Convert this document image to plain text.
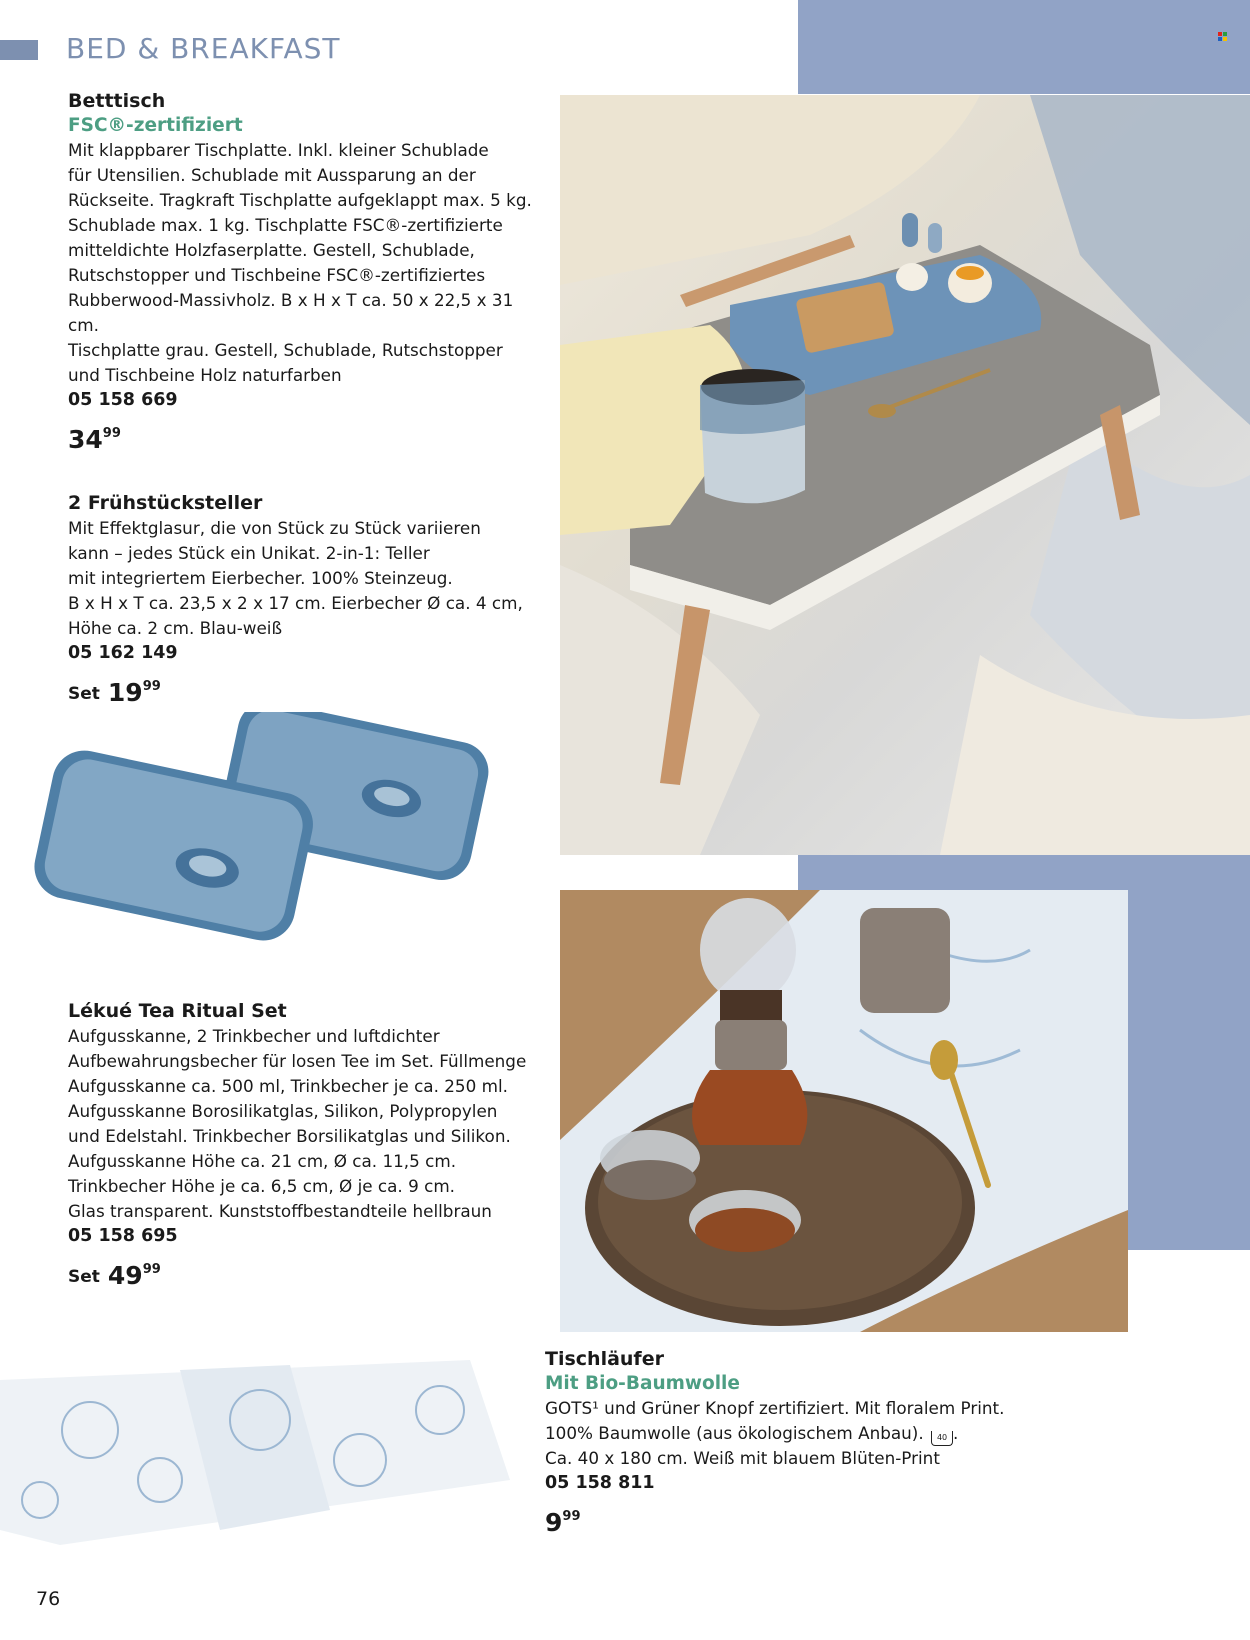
BED & BREAKFAST

Betttisch

FSC®-zertifiziert

Mit klappbarer Tischplatte. Inkl. kleiner Schublade
für Utensilien. Schublade mit Aussparung an der
Rückseite. Tragkraft Tischplatte aufgeklappt max. 5 kg.
Schublade max. 1 kg. Tischplatte FSC®-zertifizierte
mitteldichte Holzfaserplatte. Gestell, Schublade,
Rutschstopper und Tischbeine FSC®-zertifiziertes
Rubberwood-Massivholz. B x H x T ca. 50 x 22,5 x 31 cm.
Tischplatte grau. Gestell, Schublade, Rutschstopper
und Tischbeine Holz naturfarben

05 158 669

$34^{99}$

2 Frühstücksteller

Mit Effektglasur, die von Stück zu Stück variieren
kann – jedes Stück ein Unikat. 2-in-1: Teller
mit integriertem Eierbecher. 100% Steinzeug.
B x H x T ca. 23,5 x 2 x 17 cm. Eierbecher Ø ca. 4 cm,
Höhe ca. 2 cm. Blau-weiß

05 162 149

Set $19^{99}$

Lékué Tea Ritual Set

Aufgusskanne, 2 Trinkbecher und luftdichter
Aufbewahrungsbecher für losen Tee im Set. Füllmenge
Aufgusskanne ca. 500 ml, Trinkbecher je ca. 250 ml.
Aufgusskanne Borosilikatglas, Silikon, Polypropylen
und Edelstahl. Trinkbecher Borsilikatglas und Silikon.
Aufgusskanne Höhe ca. 21 cm, Ø ca. 11,5 cm.
Trinkbecher Höhe je ca. 6,5 cm, Ø je ca. 9 cm.
Glas transparent. Kunststoffbestandteile hellbraun

05 158 695

Set $49^{99}$

Tischläufer

Mit Bio-Baumwolle

GOTS¹ und Grüner Knopf zertifiziert. Mit floralem Print.

100% Baumwolle (aus ökologischem Anbau). 40 .

Ca. 40 x 180 cm. Weiß mit blauem Blüten-Print

05 158 811

$9^{99}$
76
